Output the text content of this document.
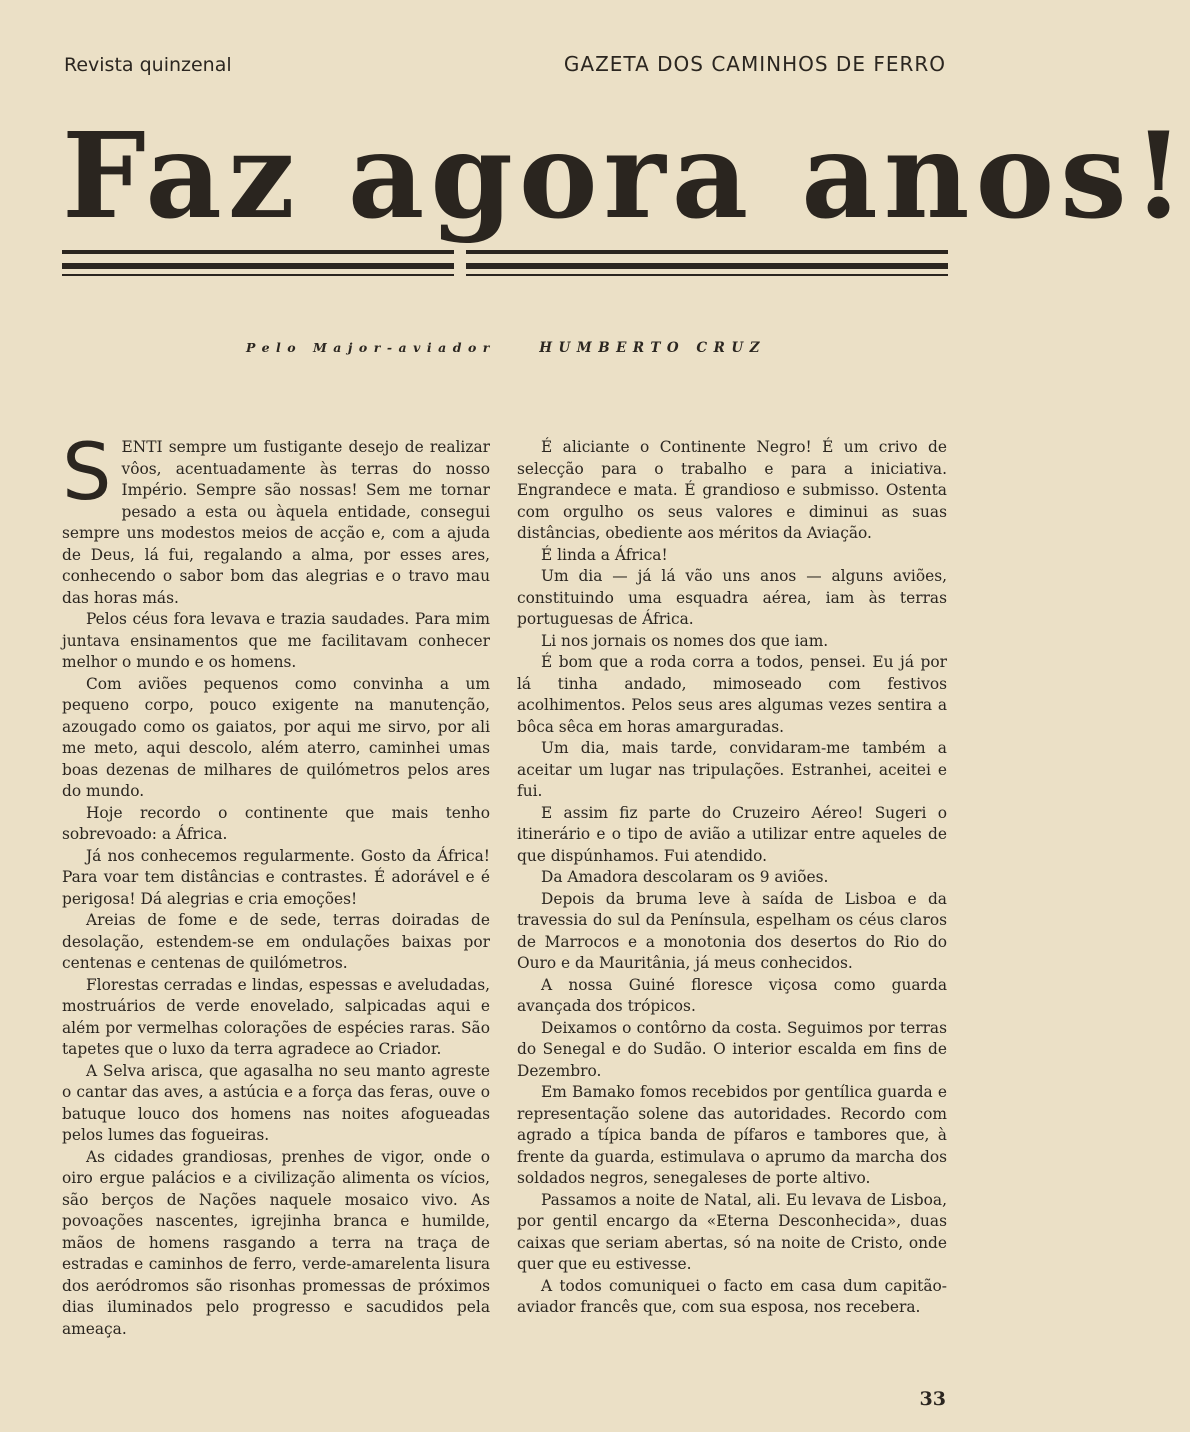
Revista quinzenal	GAZETA DOS CAMINHOS DE FERRO
Faz agora anos!
Pelo Major-aviador	HUMBERTO CRUZ

SENTI sempre um fustigante desejo de realizar vôos, acentuadamente às terras do nosso Império. Sempre são nossas! Sem me tornar pesado a esta ou àquela entidade, consegui sempre uns modestos meios de acção e, com a ajuda de Deus, lá fui, regalando a alma, por esses ares, conhecendo o sabor bom das alegrias e o travo mau das horas más.

Pelos céus fora levava e trazia saudades. Para mim juntava ensinamentos que me facilitavam conhecer melhor o mundo e os homens.

Com aviões pequenos como convinha a um pequeno corpo, pouco exigente na manutenção, azougado como os gaiatos, por aqui me sirvo, por ali me meto, aqui descolo, além aterro, caminhei umas boas dezenas de milhares de quilómetros pelos ares do mundo.

Hoje recordo o continente que mais tenho sobrevoado: a África.

Já nos conhecemos regularmente. Gosto da África! Para voar tem distâncias e contrastes. É adorável e é perigosa! Dá alegrias e cria emoções!

Areias de fome e de sede, terras doiradas de desolação, estendem-se em ondulações baixas por centenas e centenas de quilómetros.

Florestas cerradas e lindas, espessas e aveludadas, mostruários de verde enovelado, salpicadas aqui e além por vermelhas colorações de espécies raras. São tapetes que o luxo da terra agradece ao Criador.

A Selva arisca, que agasalha no seu manto agreste o cantar das aves, a astúcia e a força das feras, ouve o batuque louco dos homens nas noites afogueadas pelos lumes das fogueiras.

As cidades grandiosas, prenhes de vigor, onde o oiro ergue palácios e a civilização alimenta os vícios, são berços de Nações naquele mosaico vivo. As povoações nascentes, igrejinha branca e humilde, mãos de homens rasgando a terra na traça de estradas e caminhos de ferro, verde-amarelenta lisura dos aeródromos são risonhas promessas de próximos dias iluminados pelo progresso e sacudidos pela ameaça.

É aliciante o Continente Negro! É um crivo de selecção para o trabalho e para a iniciativa. Engrandece e mata. É grandioso e submisso. Ostenta com orgulho os seus valores e diminui as suas distâncias, obediente aos méritos da Aviação.

É linda a África!

Um dia — já lá vão uns anos — alguns aviões, constituindo uma esquadra aérea, iam às terras portuguesas de África.

Li nos jornais os nomes dos que iam.

É bom que a roda corra a todos, pensei. Eu já por lá tinha andado, mimoseado com festivos acolhimentos. Pelos seus ares algumas vezes sentira a bôca sêca em horas amarguradas.

Um dia, mais tarde, convidaram-me também a aceitar um lugar nas tripulações. Estranhei, aceitei e fui.

E assim fiz parte do Cruzeiro Aéreo! Sugeri o itinerário e o tipo de avião a utilizar entre aqueles de que dispúnhamos. Fui atendido.

Da Amadora descolaram os 9 aviões.

Depois da bruma leve à saída de Lisboa e da travessia do sul da Península, espelham os céus claros de Marrocos e a monotonia dos desertos do Rio do Ouro e da Mauritânia, já meus conhecidos.

A nossa Guiné floresce viçosa como guarda avançada dos trópicos.

Deixamos o contôrno da costa. Seguimos por terras do Senegal e do Sudão. O interior escalda em fins de Dezembro.

Em Bamako fomos recebidos por gentílica guarda e representação solene das autoridades. Recordo com agrado a típica banda de pífaros e tambores que, à frente da guarda, estimulava o aprumo da marcha dos soldados negros, senegaleses de porte altivo.

Passamos a noite de Natal, ali. Eu levava de Lisboa, por gentil encargo da «Eterna Desconhecida», duas caixas que seriam abertas, só na noite de Cristo, onde quer que eu estivesse.

A todos comuniquei o facto em casa dum capitão-aviador francês que, com sua esposa, nos recebera.

33
